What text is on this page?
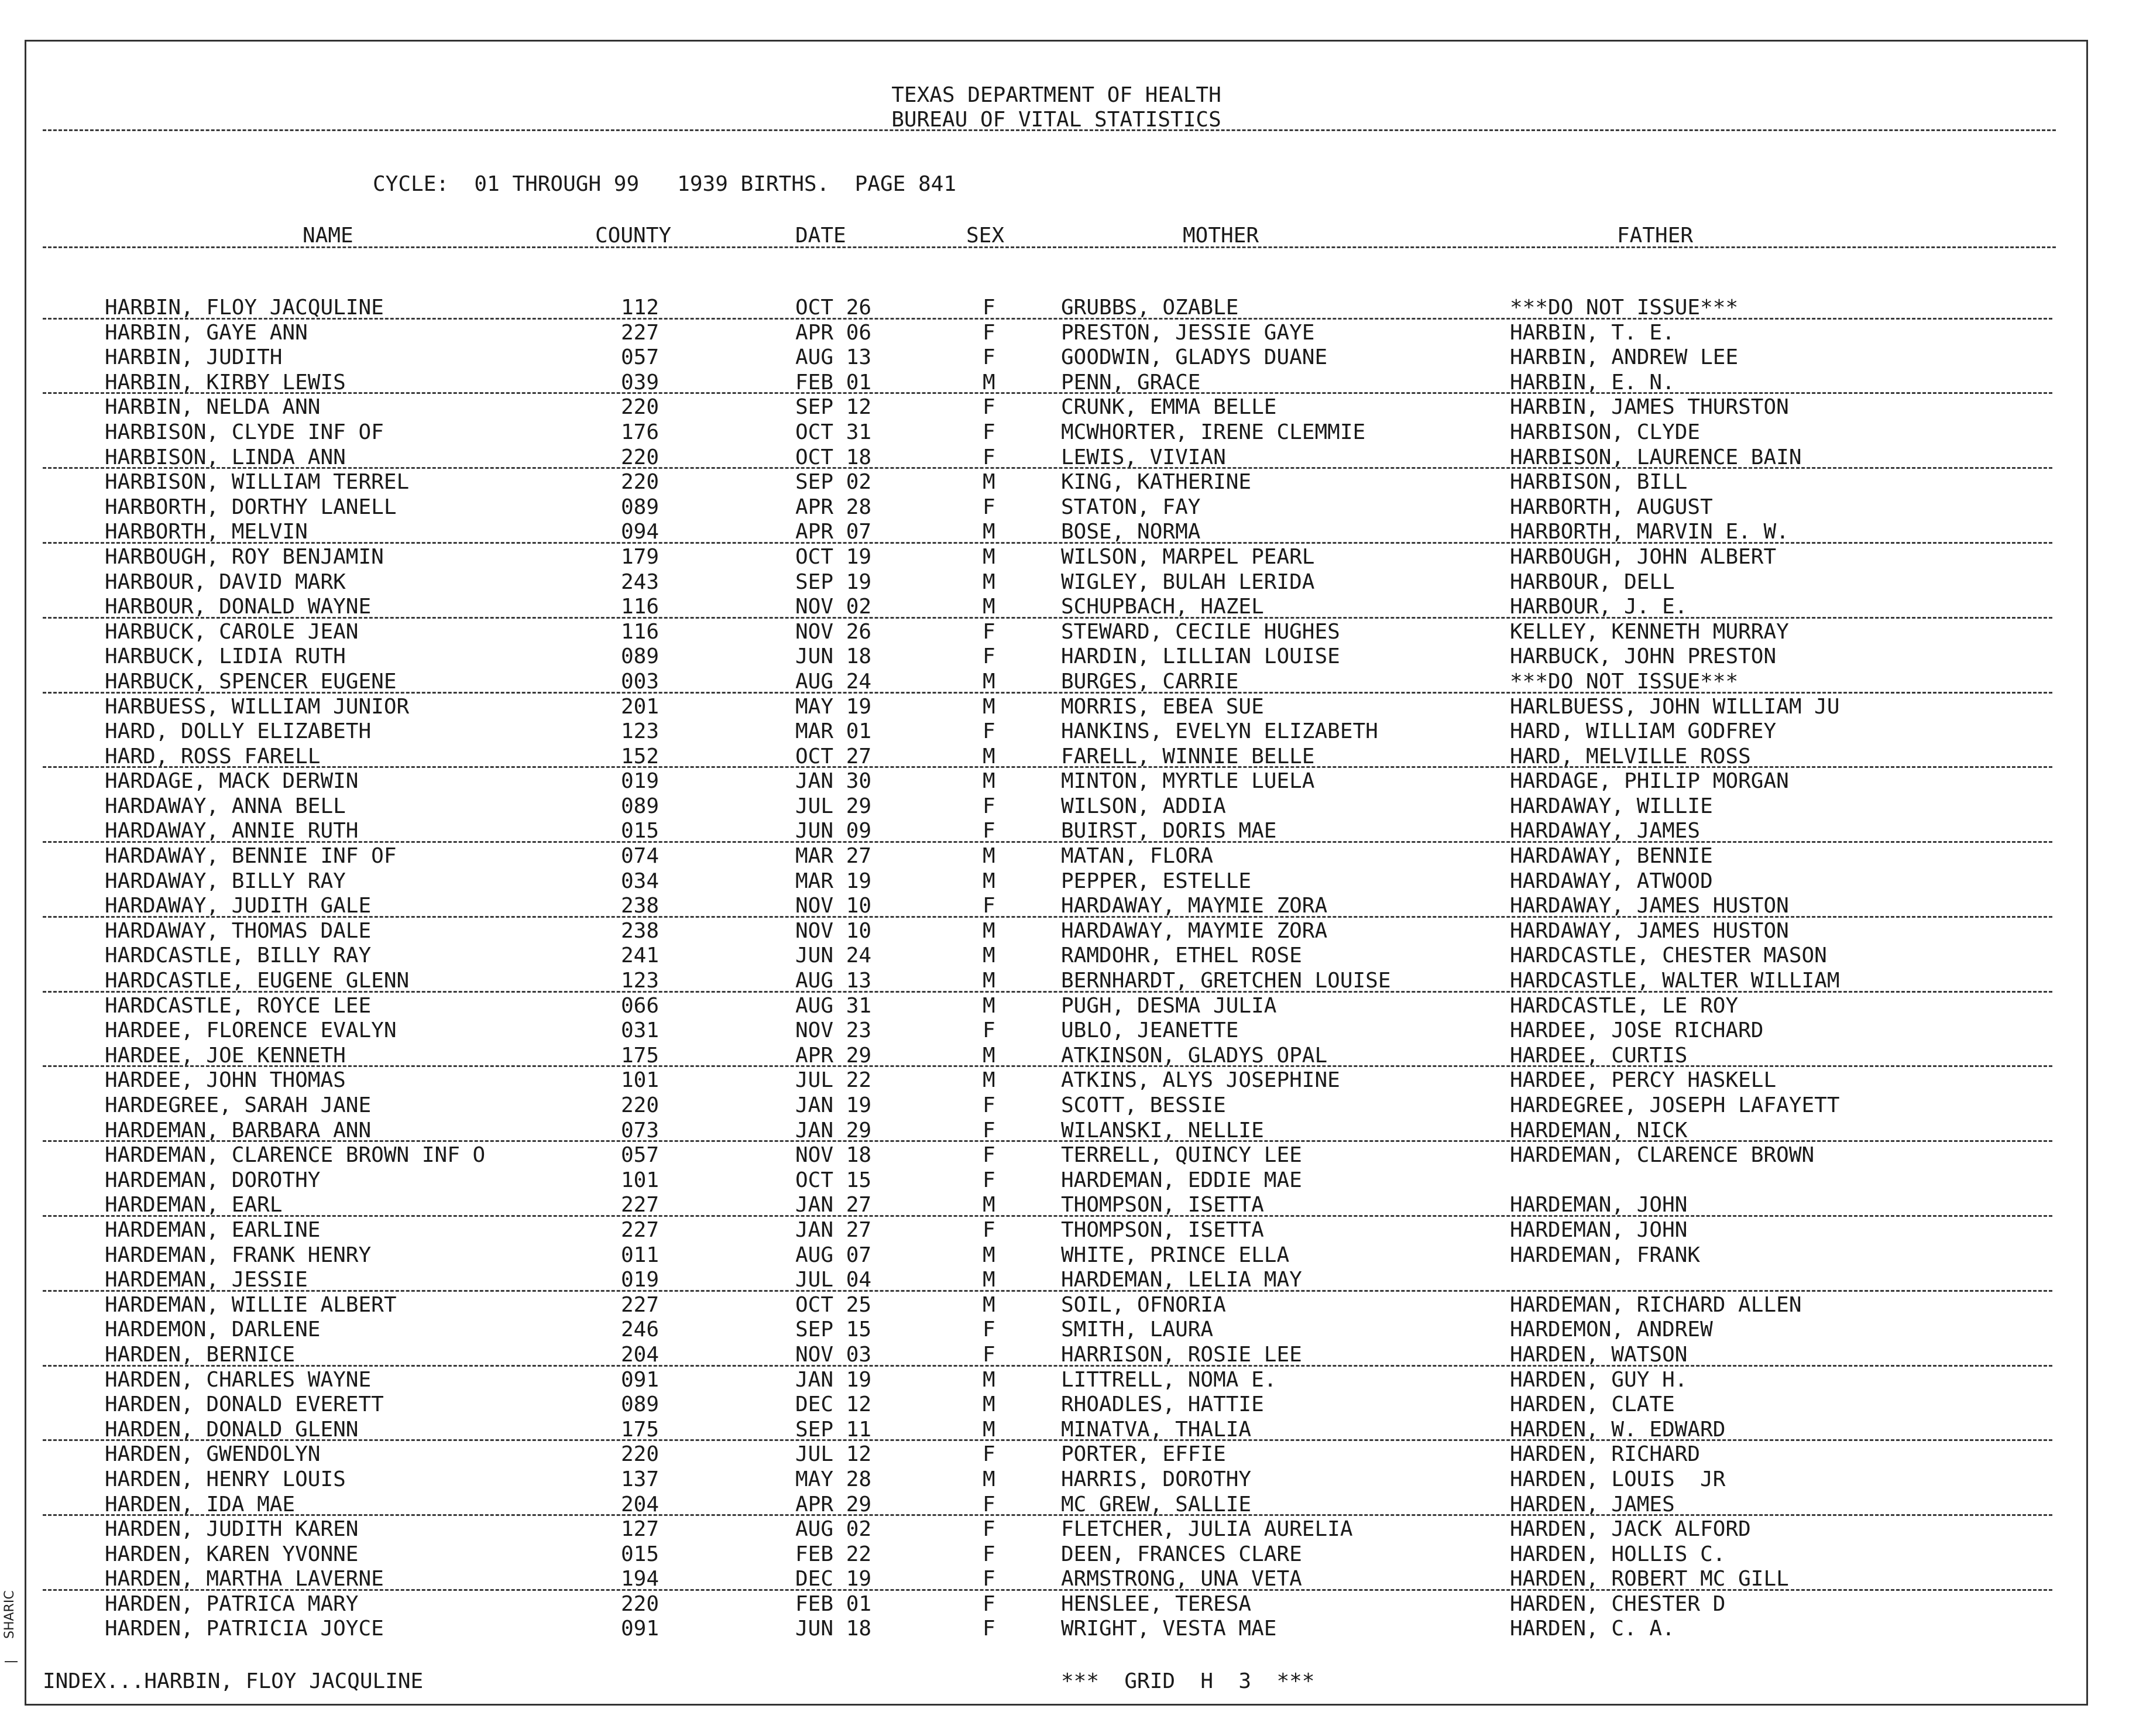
TEXAS DEPARTMENT OF HEALTH
BUREAU OF VITAL STATISTICS
CYCLE:  01 THROUGH 99   1939 BIRTHS.  PAGE 841
NAME	COUNTY	DATE	SEX	MOTHER	FATHER
HARBIN, FLOY JACQULINE	112	OCT 26	F	GRUBBS, OZABLE	***DO NOT ISSUE***
HARBIN, GAYE ANN	227	APR 06	F	PRESTON, JESSIE GAYE	HARBIN, T. E.
HARBIN, JUDITH	057	AUG 13	F	GOODWIN, GLADYS DUANE	HARBIN, ANDREW LEE
HARBIN, KIRBY LEWIS	039	FEB 01	M	PENN, GRACE	HARBIN, E. N.
HARBIN, NELDA ANN	220	SEP 12	F	CRUNK, EMMA BELLE	HARBIN, JAMES THURSTON
HARBISON, CLYDE INF OF	176	OCT 31	F	MCWHORTER, IRENE CLEMMIE	HARBISON, CLYDE
HARBISON, LINDA ANN	220	OCT 18	F	LEWIS, VIVIAN	HARBISON, LAURENCE BAIN
HARBISON, WILLIAM TERREL	220	SEP 02	M	KING, KATHERINE	HARBISON, BILL
HARBORTH, DORTHY LANELL	089	APR 28	F	STATON, FAY	HARBORTH, AUGUST
HARBORTH, MELVIN	094	APR 07	M	BOSE, NORMA	HARBORTH, MARVIN E. W.
HARBOUGH, ROY BENJAMIN	179	OCT 19	M	WILSON, MARPEL PEARL	HARBOUGH, JOHN ALBERT
HARBOUR, DAVID MARK	243	SEP 19	M	WIGLEY, BULAH LERIDA	HARBOUR, DELL
HARBOUR, DONALD WAYNE	116	NOV 02	M	SCHUPBACH, HAZEL	HARBOUR, J. E.
HARBUCK, CAROLE JEAN	116	NOV 26	F	STEWARD, CECILE HUGHES	KELLEY, KENNETH MURRAY
HARBUCK, LIDIA RUTH	089	JUN 18	F	HARDIN, LILLIAN LOUISE	HARBUCK, JOHN PRESTON
HARBUCK, SPENCER EUGENE	003	AUG 24	M	BURGES, CARRIE	***DO NOT ISSUE***
HARBUESS, WILLIAM JUNIOR	201	MAY 19	M	MORRIS, EBEA SUE	HARLBUESS, JOHN WILLIAM JU
HARD, DOLLY ELIZABETH	123	MAR 01	F	HANKINS, EVELYN ELIZABETH	HARD, WILLIAM GODFREY
HARD, ROSS FARELL	152	OCT 27	M	FARELL, WINNIE BELLE	HARD, MELVILLE ROSS
HARDAGE, MACK DERWIN	019	JAN 30	M	MINTON, MYRTLE LUELA	HARDAGE, PHILIP MORGAN
HARDAWAY, ANNA BELL	089	JUL 29	F	WILSON, ADDIA	HARDAWAY, WILLIE
HARDAWAY, ANNIE RUTH	015	JUN 09	F	BUIRST, DORIS MAE	HARDAWAY, JAMES
HARDAWAY, BENNIE INF OF	074	MAR 27	M	MATAN, FLORA	HARDAWAY, BENNIE
HARDAWAY, BILLY RAY	034	MAR 19	M	PEPPER, ESTELLE	HARDAWAY, ATWOOD
HARDAWAY, JUDITH GALE	238	NOV 10	F	HARDAWAY, MAYMIE ZORA	HARDAWAY, JAMES HUSTON
HARDAWAY, THOMAS DALE	238	NOV 10	M	HARDAWAY, MAYMIE ZORA	HARDAWAY, JAMES HUSTON
HARDCASTLE, BILLY RAY	241	JUN 24	M	RAMDOHR, ETHEL ROSE	HARDCASTLE, CHESTER MASON
HARDCASTLE, EUGENE GLENN	123	AUG 13	M	BERNHARDT, GRETCHEN LOUISE	HARDCASTLE, WALTER WILLIAM
HARDCASTLE, ROYCE LEE	066	AUG 31	M	PUGH, DESMA JULIA	HARDCASTLE, LE ROY
HARDEE, FLORENCE EVALYN	031	NOV 23	F	UBLO, JEANETTE	HARDEE, JOSE RICHARD
HARDEE, JOE KENNETH	175	APR 29	M	ATKINSON, GLADYS OPAL	HARDEE, CURTIS
HARDEE, JOHN THOMAS	101	JUL 22	M	ATKINS, ALYS JOSEPHINE	HARDEE, PERCY HASKELL
HARDEGREE, SARAH JANE	220	JAN 19	F	SCOTT, BESSIE	HARDEGREE, JOSEPH LAFAYETT
HARDEMAN, BARBARA ANN	073	JAN 29	F	WILANSKI, NELLIE	HARDEMAN, NICK
HARDEMAN, CLARENCE BROWN INF O	057	NOV 18	F	TERRELL, QUINCY LEE	HARDEMAN, CLARENCE BROWN
HARDEMAN, DOROTHY	101	OCT 15	F	HARDEMAN, EDDIE MAE
HARDEMAN, EARL	227	JAN 27	M	THOMPSON, ISETTA	HARDEMAN, JOHN
HARDEMAN, EARLINE	227	JAN 27	F	THOMPSON, ISETTA	HARDEMAN, JOHN
HARDEMAN, FRANK HENRY	011	AUG 07	M	WHITE, PRINCE ELLA	HARDEMAN, FRANK
HARDEMAN, JESSIE	019	JUL 04	M	HARDEMAN, LELIA MAY
HARDEMAN, WILLIE ALBERT	227	OCT 25	M	SOIL, OFNORIA	HARDEMAN, RICHARD ALLEN
HARDEMON, DARLENE	246	SEP 15	F	SMITH, LAURA	HARDEMON, ANDREW
HARDEN, BERNICE	204	NOV 03	F	HARRISON, ROSIE LEE	HARDEN, WATSON
HARDEN, CHARLES WAYNE	091	JAN 19	M	LITTRELL, NOMA E.	HARDEN, GUY H.
HARDEN, DONALD EVERETT	089	DEC 12	M	RHOADLES, HATTIE	HARDEN, CLATE
HARDEN, DONALD GLENN	175	SEP 11	M	MINATVA, THALIA	HARDEN, W. EDWARD
HARDEN, GWENDOLYN	220	JUL 12	F	PORTER, EFFIE	HARDEN, RICHARD
HARDEN, HENRY LOUIS	137	MAY 28	M	HARRIS, DOROTHY	HARDEN, LOUIS  JR
HARDEN, IDA MAE	204	APR 29	F	MC GREW, SALLIE	HARDEN, JAMES
HARDEN, JUDITH KAREN	127	AUG 02	F	FLETCHER, JULIA AURELIA	HARDEN, JACK ALFORD
HARDEN, KAREN YVONNE	015	FEB 22	F	DEEN, FRANCES CLARE	HARDEN, HOLLIS C.
HARDEN, MARTHA LAVERNE	194	DEC 19	F	ARMSTRONG, UNA VETA	HARDEN, ROBERT MC GILL
HARDEN, PATRICA MARY	220	FEB 01	F	HENSLEE, TERESA	HARDEN, CHESTER D
HARDEN, PATRICIA JOYCE	091	JUN 18	F	WRIGHT, VESTA MAE	HARDEN, C. A.
INDEX...HARBIN, FLOY JACQULINE	***  GRID  H  3  ***
SHARIC
